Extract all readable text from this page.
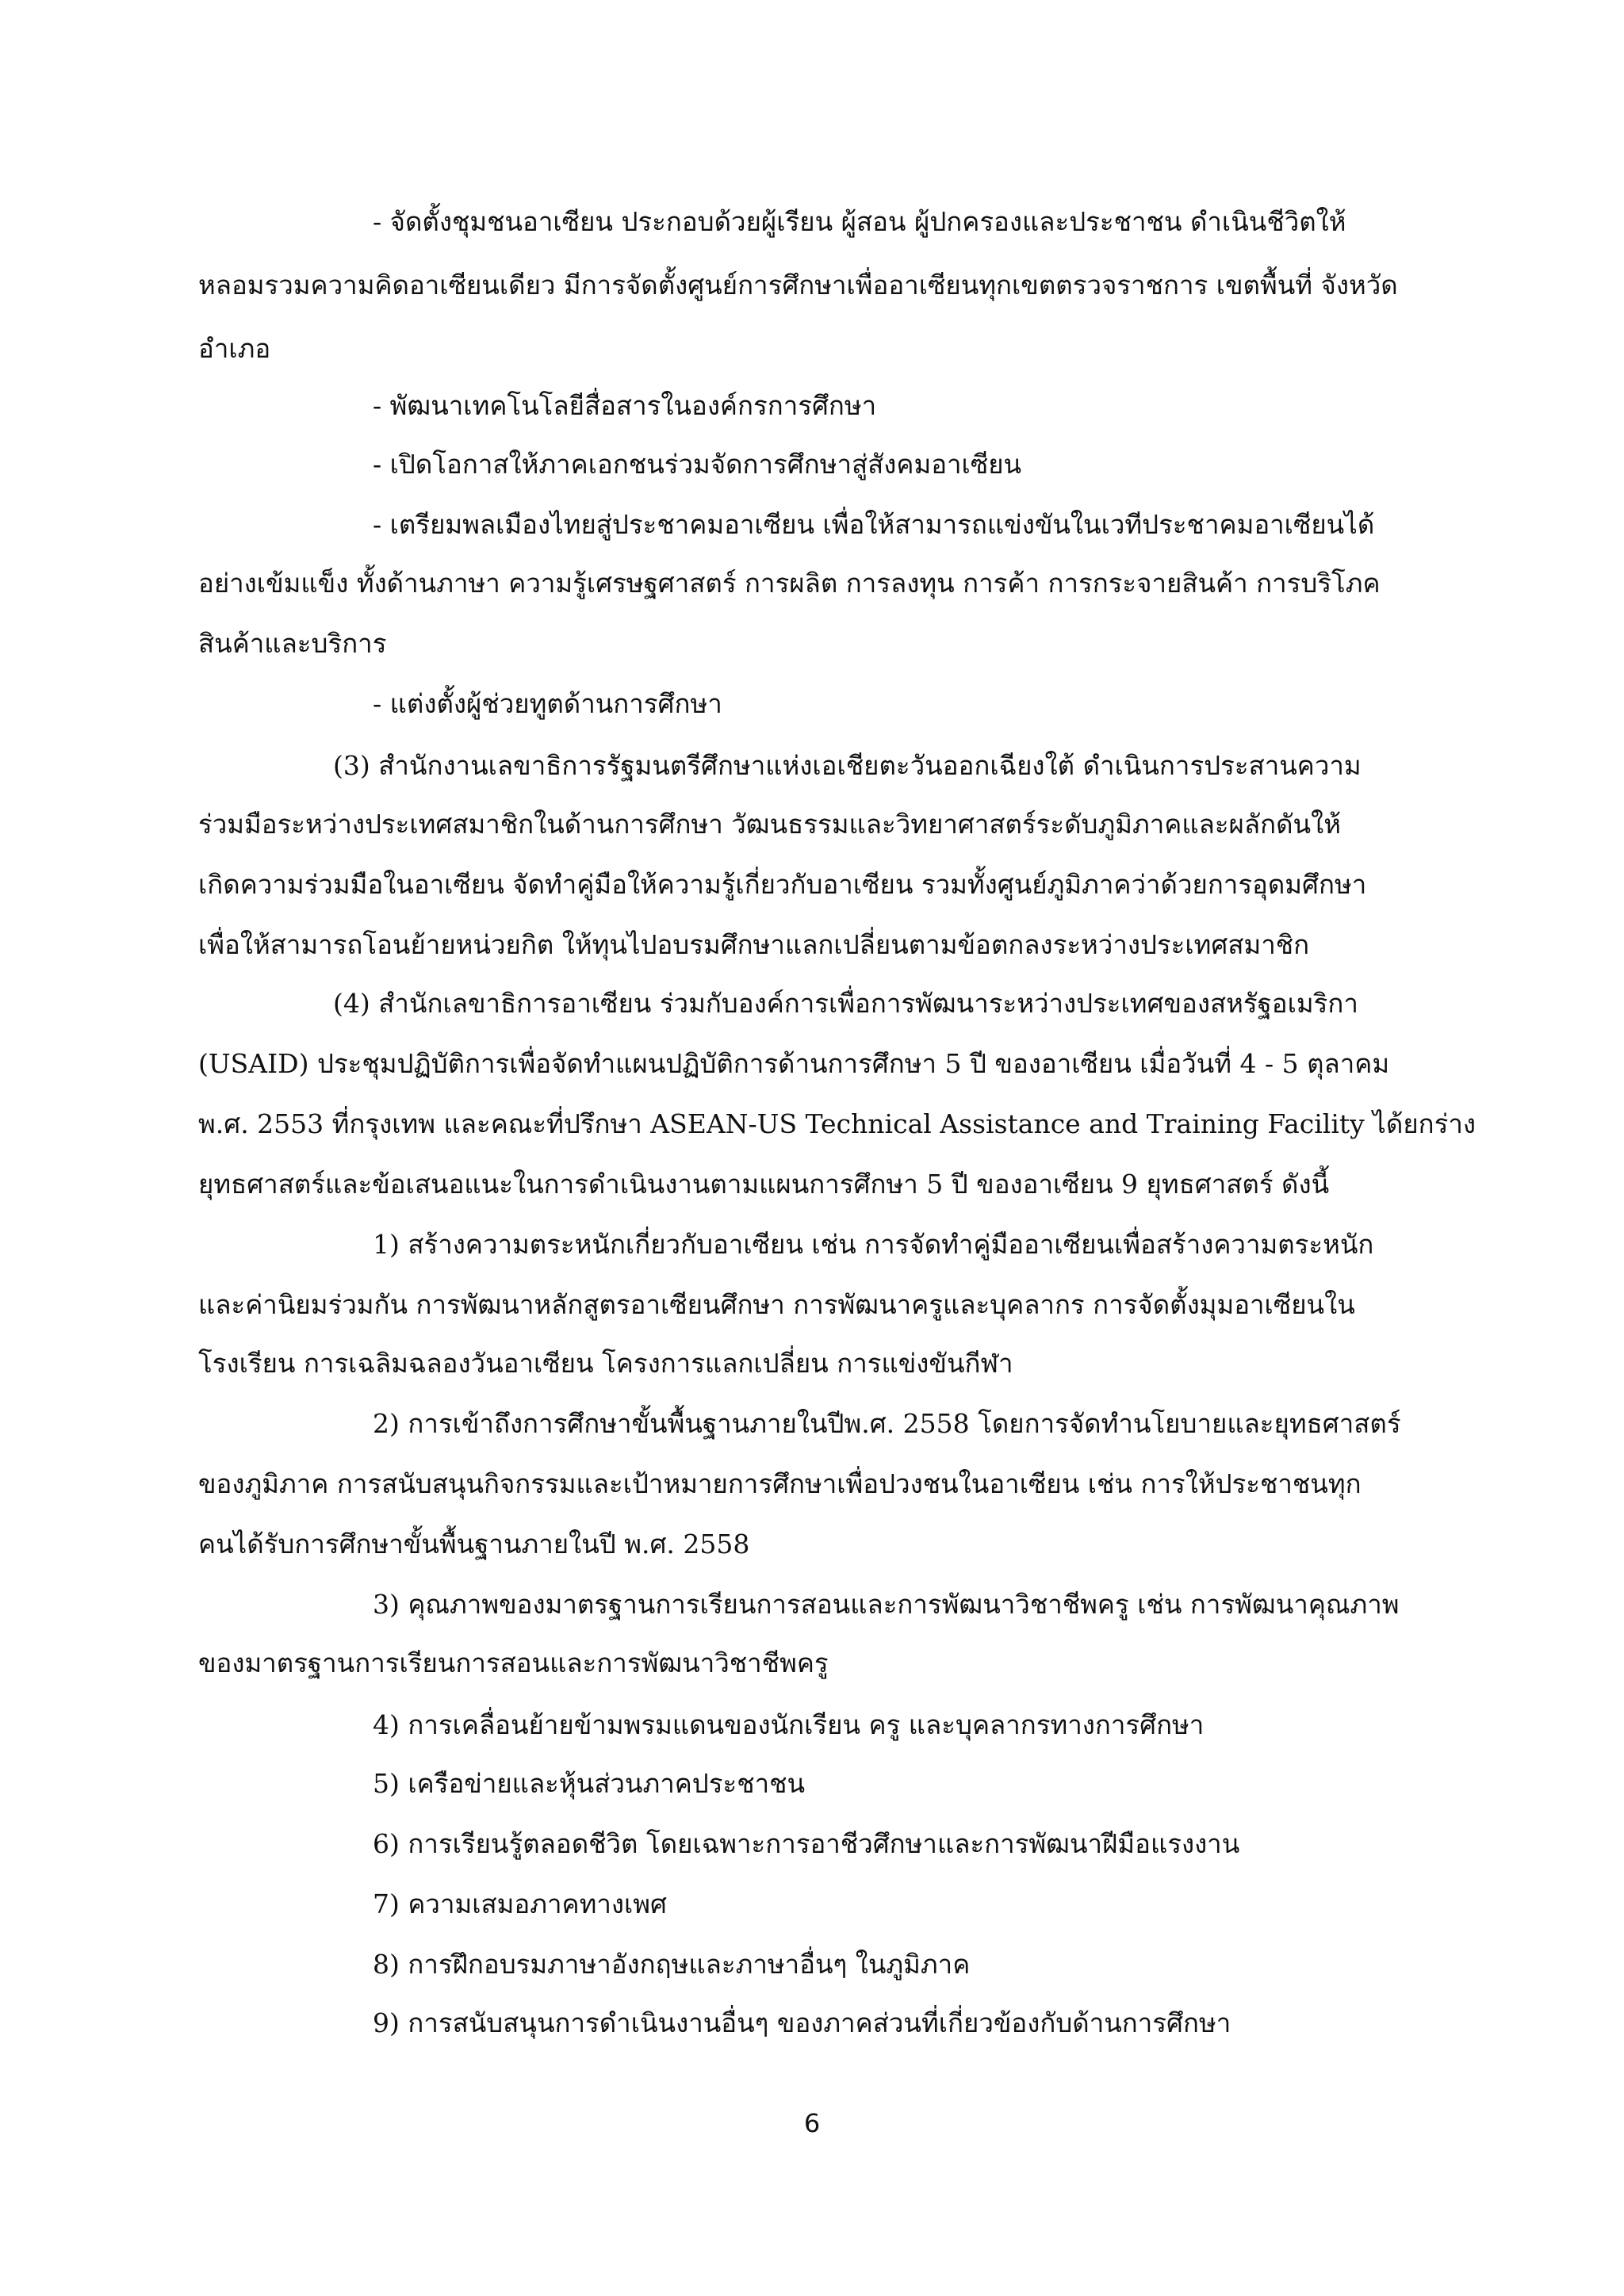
- จัดตั้งชุมชนอาเซียน ประกอบด้วยผู้เรียน ผู้สอน ผู้ปกครองและประชาชน ดำเนินชีวิตให้
หลอมรวมความคิดอาเซียนเดียว มีการจัดตั้งศูนย์การศึกษาเพื่ออาเซียนทุกเขตตรวจราชการ เขตพื้นที่ จังหวัด
อำเภอ
- พัฒนาเทคโนโลยีสื่อสารในองค์กรการศึกษา
- เปิดโอกาสให้ภาคเอกชนร่วมจัดการศึกษาสู่สังคมอาเซียน
- เตรียมพลเมืองไทยสู่ประชาคมอาเซียน เพื่อให้สามารถแข่งขันในเวทีประชาคมอาเซียนได้
อย่างเข้มแข็ง ทั้งด้านภาษา ความรู้เศรษฐศาสตร์ การผลิต การลงทุน การค้า การกระจายสินค้า การบริโภค
สินค้าและบริการ
- แต่งตั้งผู้ช่วยทูตด้านการศึกษา
(3) สำนักงานเลขาธิการรัฐมนตรีศึกษาแห่งเอเชียตะวันออกเฉียงใต้ ดำเนินการประสานความ
ร่วมมือระหว่างประเทศสมาชิกในด้านการศึกษา วัฒนธรรมและวิทยาศาสตร์ระดับภูมิภาคและผลักดันให้
เกิดความร่วมมือในอาเซียน จัดทำคู่มือให้ความรู้เกี่ยวกับอาเซียน รวมทั้งศูนย์ภูมิภาคว่าด้วยการอุดมศึกษา
เพื่อให้สามารถโอนย้ายหน่วยกิต ให้ทุนไปอบรมศึกษาแลกเปลี่ยนตามข้อตกลงระหว่างประเทศสมาชิก
(4) สำนักเลขาธิการอาเซียน ร่วมกับองค์การเพื่อการพัฒนาระหว่างประเทศของสหรัฐอเมริกา
(USAID) ประชุมปฏิบัติการเพื่อจัดทำแผนปฏิบัติการด้านการศึกษา 5 ปี ของอาเซียน เมื่อวันที่ 4 - 5 ตุลาคม
พ.ศ. 2553 ที่กรุงเทพ และคณะที่ปรึกษา ASEAN-US Technical Assistance and Training Facility ได้ยกร่าง
ยุทธศาสตร์และข้อเสนอแนะในการดำเนินงานตามแผนการศึกษา 5 ปี ของอาเซียน 9 ยุทธศาสตร์ ดังนี้
1) สร้างความตระหนักเกี่ยวกับอาเซียน เช่น การจัดทำคู่มืออาเซียนเพื่อสร้างความตระหนัก
และค่านิยมร่วมกัน การพัฒนาหลักสูตรอาเซียนศึกษา การพัฒนาครูและบุคลากร การจัดตั้งมุมอาเซียนใน
โรงเรียน การเฉลิมฉลองวันอาเซียน โครงการแลกเปลี่ยน การแข่งขันกีฬา
2) การเข้าถึงการศึกษาขั้นพื้นฐานภายในปีพ.ศ. 2558 โดยการจัดทำนโยบายและยุทธศาสตร์
ของภูมิภาค การสนับสนุนกิจกรรมและเป้าหมายการศึกษาเพื่อปวงชนในอาเซียน เช่น การให้ประชาชนทุก
คนได้รับการศึกษาขั้นพื้นฐานภายในปี พ.ศ. 2558
3) คุณภาพของมาตรฐานการเรียนการสอนและการพัฒนาวิชาชีพครู เช่น การพัฒนาคุณภาพ
ของมาตรฐานการเรียนการสอนและการพัฒนาวิชาชีพครู
4) การเคลื่อนย้ายข้ามพรมแดนของนักเรียน ครู และบุคลากรทางการศึกษา
5) เครือข่ายและหุ้นส่วนภาคประชาชน
6) การเรียนรู้ตลอดชีวิต โดยเฉพาะการอาชีวศึกษาและการพัฒนาฝีมือแรงงาน
7) ความเสมอภาคทางเพศ
8) การฝึกอบรมภาษาอังกฤษและภาษาอื่นๆ ในภูมิภาค
9) การสนับสนุนการดำเนินงานอื่นๆ ของภาคส่วนที่เกี่ยวข้องกับด้านการศึกษา
6
